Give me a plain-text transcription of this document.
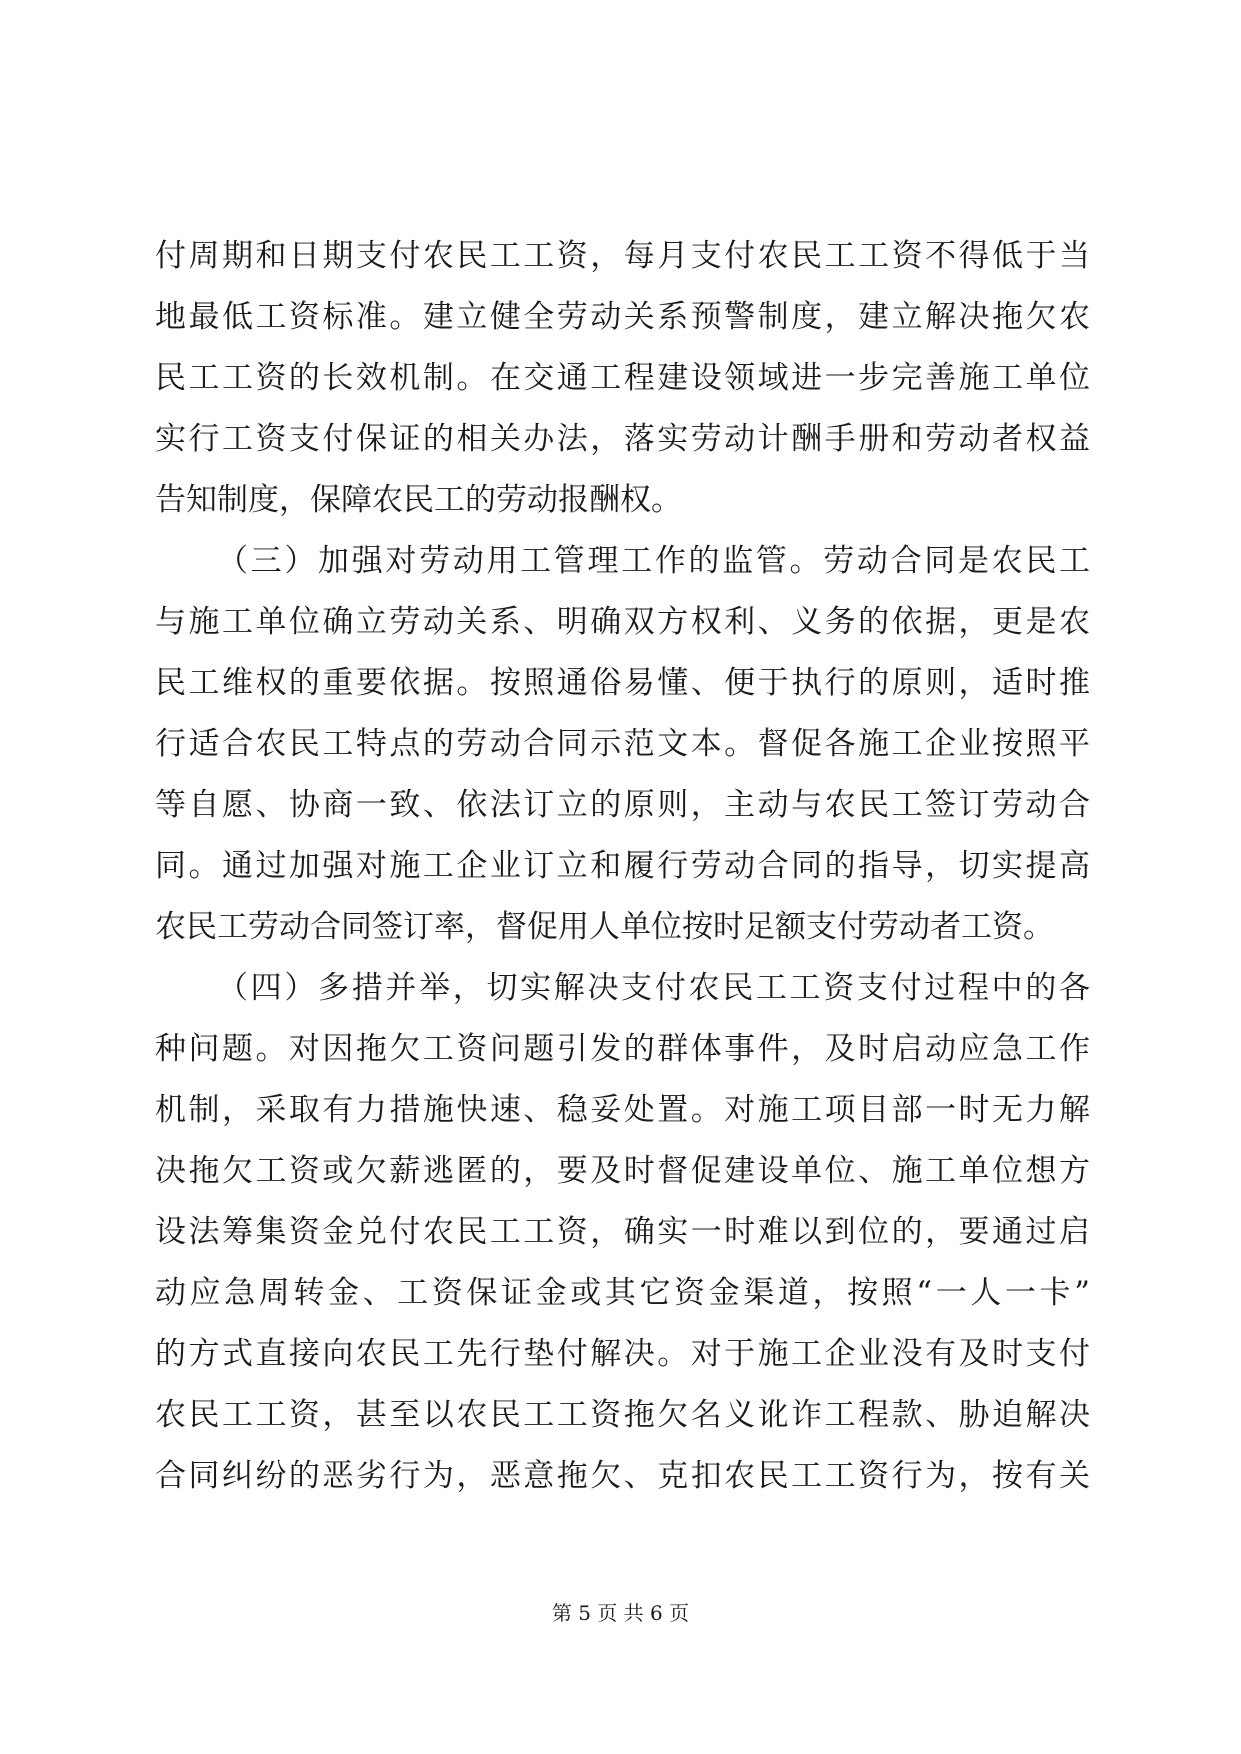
付周期和日期支付农民工工资，每月支付农民工工资不得低于当
地最低工资标准。建立健全劳动关系预警制度，建立解决拖欠农
民工工资的长效机制。在交通工程建设领域进一步完善施工单位
实行工资支付保证的相关办法，落实劳动计酬手册和劳动者权益
告知制度，保障农民工的劳动报酬权。
（三）加强对劳动用工管理工作的监管。劳动合同是农民工
与施工单位确立劳动关系、明确双方权利、义务的依据，更是农
民工维权的重要依据。按照通俗易懂、便于执行的原则，适时推
行适合农民工特点的劳动合同示范文本。督促各施工企业按照平
等自愿、协商一致、依法订立的原则，主动与农民工签订劳动合
同。通过加强对施工企业订立和履行劳动合同的指导，切实提高
农民工劳动合同签订率，督促用人单位按时足额支付劳动者工资。
（四）多措并举，切实解决支付农民工工资支付过程中的各
种问题。对因拖欠工资问题引发的群体事件，及时启动应急工作
机制，采取有力措施快速、稳妥处置。对施工项目部一时无力解
决拖欠工资或欠薪逃匿的，要及时督促建设单位、施工单位想方
设法筹集资金兑付农民工工资，确实一时难以到位的，要通过启
动应急周转金、工资保证金或其它资金渠道，按照“一人一卡”
的方式直接向农民工先行垫付解决。对于施工企业没有及时支付
农民工工资，甚至以农民工工资拖欠名义讹诈工程款、胁迫解决
合同纠纷的恶劣行为，恶意拖欠、克扣农民工工资行为，按有关
第 5 页 共 6 页
